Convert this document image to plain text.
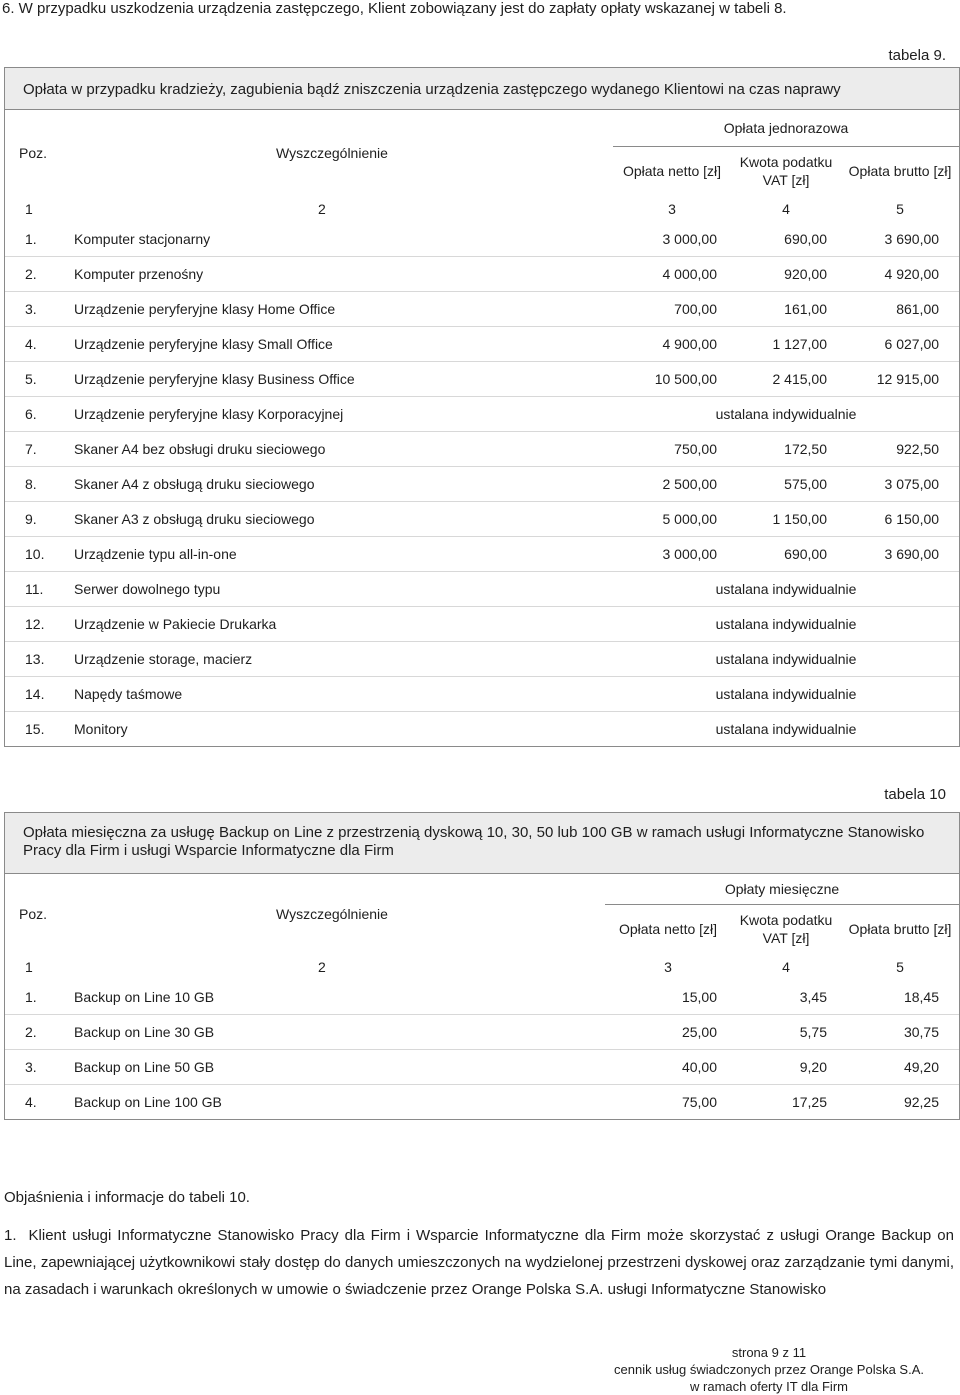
6. W przypadku uszkodzenia urządzenia zastępczego, Klient zobowiązany jest do zapłaty opłaty wskazanej w tabeli 8.
tabela 9.
Opłata w przypadku kradzieży, zagubienia bądź zniszczenia urządzenia zastępczego wydanego Klientowi na czas naprawy
Poz.	Wyszczególnienie	Opłata jednorazowa		
		Opłata netto [zł]	Kwota podatku VAT [zł]	Opłata brutto [zł]
1	2	3	4	5
1.	Komputer stacjonarny	3 000,00	690,00	3 690,00
2.	Komputer przenośny	4 000,00	920,00	4 920,00
3.	Urządzenie peryferyjne klasy Home Office	700,00	161,00	861,00
4.	Urządzenie peryferyjne klasy Small Office	4 900,00	1 127,00	6 027,00
5.	Urządzenie peryferyjne klasy Business Office	10 500,00	2 415,00	12 915,00
6.	Urządzenie peryferyjne klasy Korporacyjnej	ustalana indywidualnie		
7.	Skaner A4 bez obsługi druku sieciowego	750,00	172,50	922,50
8.	Skaner A4 z obsługą druku sieciowego	2 500,00	575,00	3 075,00
9.	Skaner A3 z obsługą druku sieciowego	5 000,00	1 150,00	6 150,00
10.	Urządzenie typu all-in-one	3 000,00	690,00	3 690,00
11.	Serwer dowolnego typu	ustalana indywidualnie		
12.	Urządzenie w Pakiecie Drukarka	ustalana indywidualnie		
13.	Urządzenie storage, macierz	ustalana indywidualnie		
14.	Napędy taśmowe	ustalana indywidualnie		
15.	Monitory	ustalana indywidualnie		
tabela 10
Opłata miesięczna za usługę Backup on Line z przestrzenią dyskową 10, 30, 50 lub 100 GB w ramach usługi Informatyczne Stanowisko Pracy dla Firm i usługi Wsparcie Informatyczne dla Firm
Poz.	Wyszczególnienie	Opłaty miesięczne		
		Opłata netto [zł]	Kwota podatku VAT [zł]	Opłata brutto [zł]
1	2	3	4	5
1.	Backup on Line 10 GB	15,00	3,45	18,45
2.	Backup on Line 30 GB	25,00	5,75	30,75
3.	Backup on Line 50 GB	40,00	9,20	49,20
4.	Backup on Line 100 GB	75,00	17,25	92,25
Objaśnienia i informacje do tabeli 10.
1. Klient usługi Informatyczne Stanowisko Pracy dla Firm i Wsparcie Informatyczne dla Firm może skorzystać z usługi Orange Backup on Line, zapewniającej użytkownikowi stały dostęp do danych umieszczonych na wydzielonej przestrzeni dyskowej oraz zarządzanie tymi danymi, na zasadach i warunkach określonych w umowie o świadczenie przez Orange Polska S.A. usługi Informatyczne Stanowisko
strona 9 z 11
cennik usług świadczonych przez Orange Polska S.A.
w ramach oferty IT dla Firm
